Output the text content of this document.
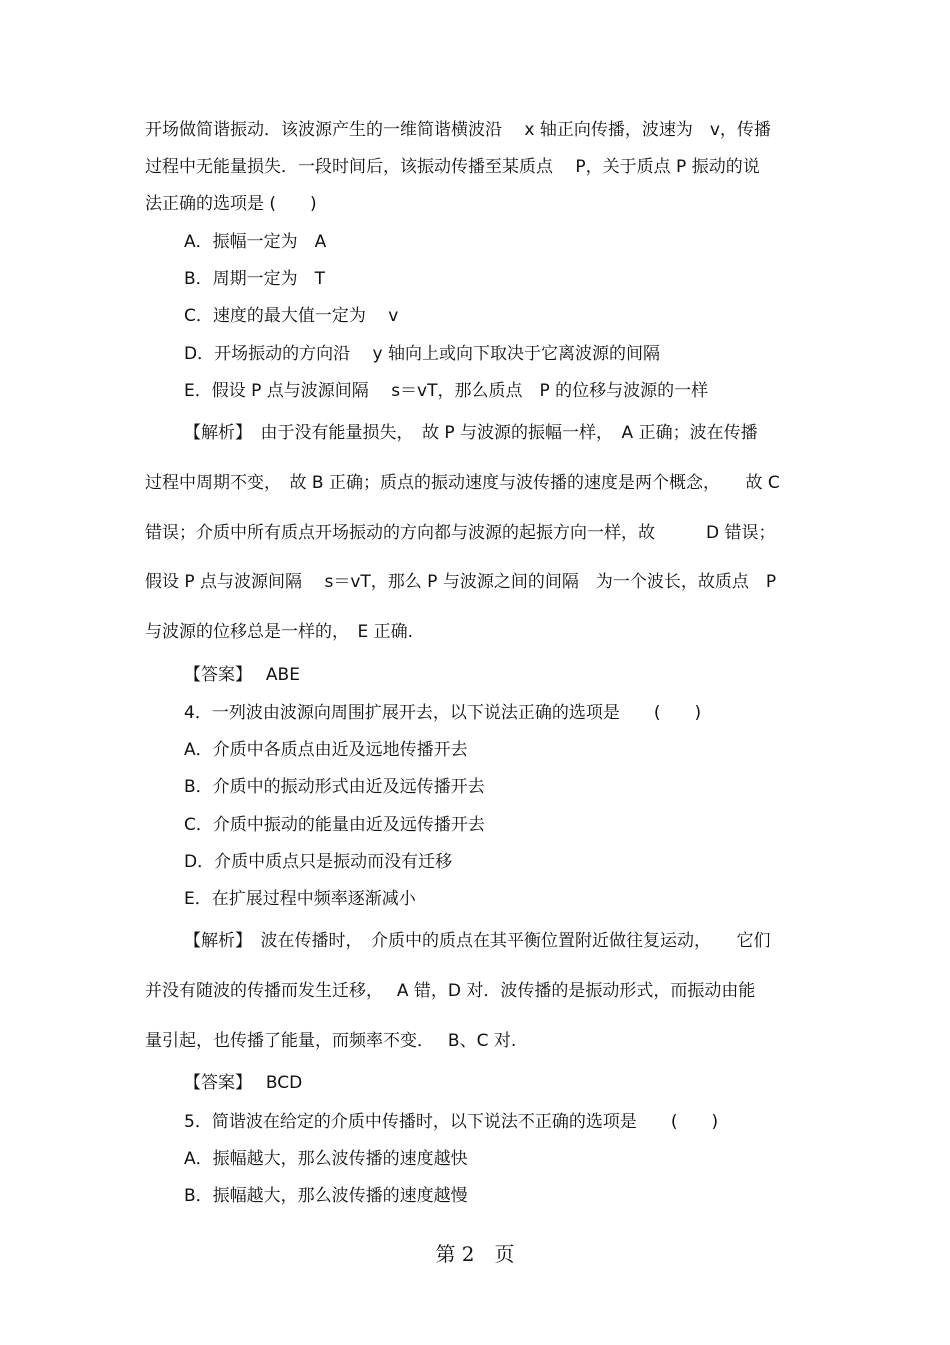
开场做简谐振动．该波源产生的一维简谐横波沿　 x 轴正向传播，波速为　v，传播
过程中无能量损失．一段时间后，该振动传播至某质点　 P，关于质点 P 振动的说
法正确的选项是 (　　)
A．振幅一定为　A
B．周期一定为　T
C．速度的最大值一定为　 v
D．开场振动的方向沿　 y 轴向上或向下取决于它离波源的间隔
E．假设 P 点与波源间隔　 s＝vT，那么质点　P 的位移与波源的一样
【解析】　由于没有能量损失，　故 P 与波源的振幅一样，　A 正确；波在传播
过程中周期不变，　故 B 正确；质点的振动速度与波传播的速度是两个概念，　　故 C
错误；介质中所有质点开场振动的方向都与波源的起振方向一样，故　　　D 错误；
假设 P 点与波源间隔　 s＝vT，那么 P 与波源之间的间隔　为一个波长，故质点　P
与波源的位移总是一样的，　E 正确.
【答案】　 ABE
4．一列波由波源向周围扩展开去，以下说法正确的选项是　　(　　)
A．介质中各质点由近及远地传播开去
B．介质中的振动形式由近及远传播开去
C．介质中振动的能量由近及远传播开去
D．介质中质点只是振动而没有迁移
E．在扩展过程中频率逐渐减小
【解析】　波在传播时，　介质中的质点在其平衡位置附近做往复运动，　　它们
并没有随波的传播而发生迁移，　 A 错，D 对．波传播的是振动形式，而振动由能
量引起，也传播了能量，而频率不变．　 B、C 对.
【答案】　 BCD
5．简谐波在给定的介质中传播时，以下说法不正确的选项是　　(　　)
A．振幅越大，那么波传播的速度越快
B．振幅越大，那么波传播的速度越慢
第 2　页
